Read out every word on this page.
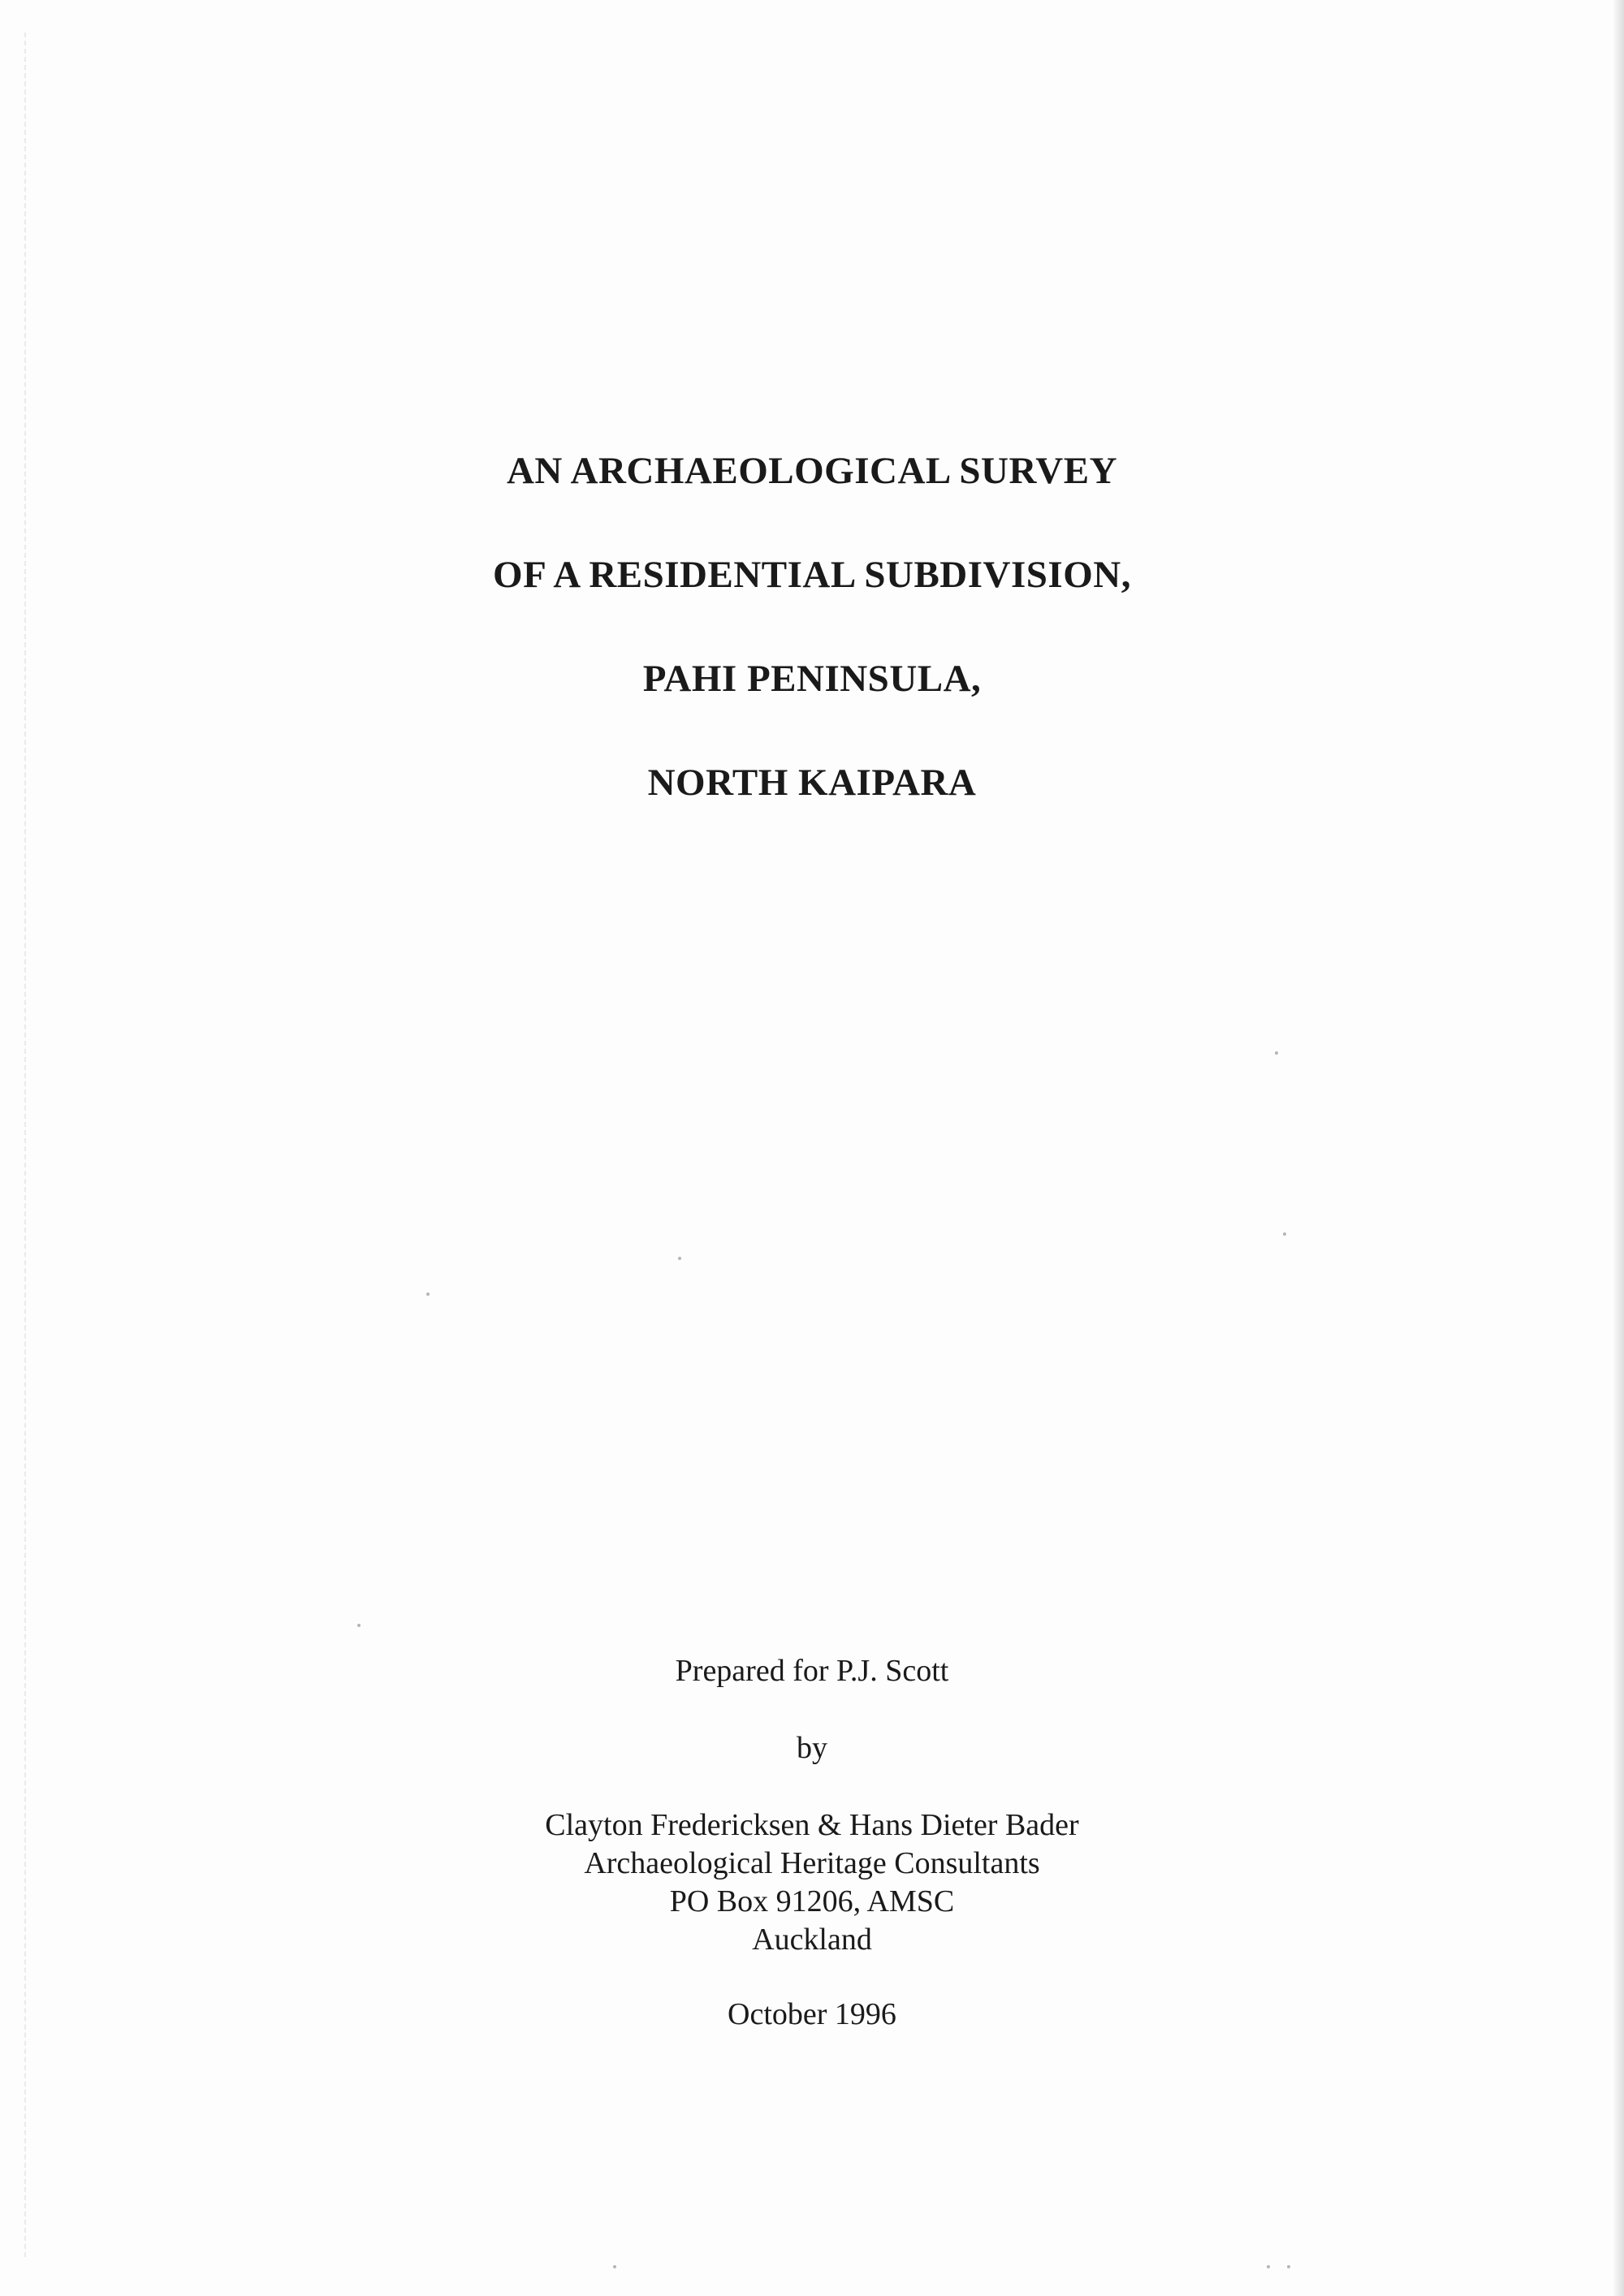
AN ARCHAEOLOGICAL SURVEY

OF A RESIDENTIAL SUBDIVISION,

PAHI PENINSULA,

NORTH KAIPARA

Prepared for P.J. Scott

by

Clayton Fredericksen & Hans Dieter Bader

Archaeological Heritage Consultants

PO Box 91206, AMSC

Auckland

October 1996
